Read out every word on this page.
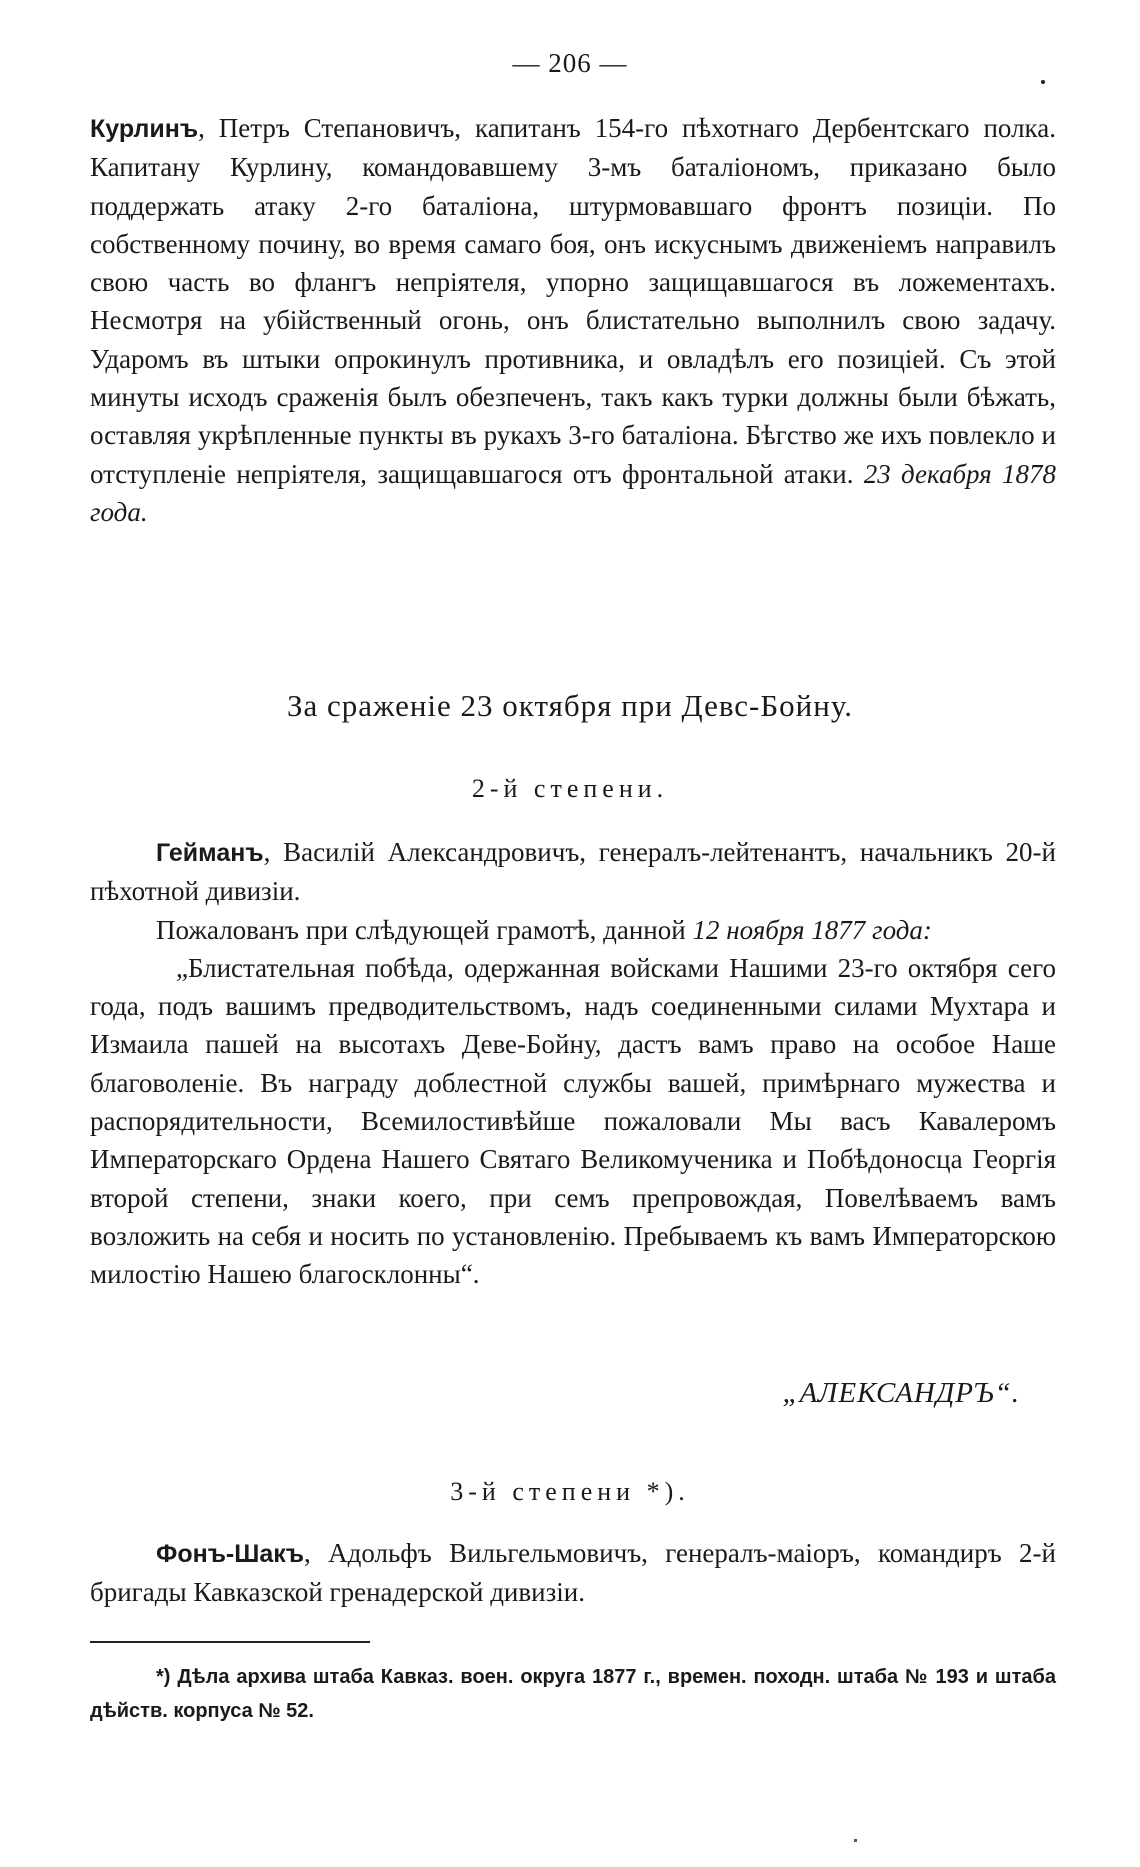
— 206 —

Курлинъ, Петръ Степановичъ, капитанъ 154-го пѣхотнаго Дербентскаго полка. Капитану Курлину, командовавшему 3-мъ баталіономъ, приказано было поддержать атаку 2-го баталіона, штурмовавшаго фронтъ позиціи. По собственному почину, во время самаго боя, онъ искуснымъ движеніемъ направилъ свою часть во флангъ непріятеля, упорно защищавшагося въ ложементахъ. Несмотря на убійственный огонь, онъ блистательно выполнилъ свою задачу. Ударомъ въ штыки опрокинулъ противника, и овладѣлъ его позиціей. Съ этой минуты исходъ сраженія былъ обезпеченъ, такъ какъ турки должны были бѣжать, оставляя укрѣпленные пункты въ рукахъ 3-го баталіона. Бѣгство же ихъ повлекло и отступленіе непріятеля, защищавшагося отъ фронтальной атаки. 23 декабря 1878 года.

За сраженіе 23 октября при Девс-Бойну.
2-й степени.

Гейманъ, Василій Александровичъ, генералъ-лейтенантъ, начальникъ 20-й пѣхотной дивизіи.

Пожалованъ при слѣдующей грамотѣ, данной 12 ноября 1877 года:

„Блистательная побѣда, одержанная войсками Нашими 23-го октября сего года, подъ вашимъ предводительствомъ, надъ соединенными силами Мухтара и Измаила пашей на высотахъ Деве-Бойну, дастъ вамъ право на особое Наше благоволеніе. Въ награду доблестной службы вашей, примѣрнаго мужества и распорядительности, Всемилостивѣйше пожаловали Мы васъ Кавалеромъ Императорскаго Ордена Нашего Святаго Великомученика и Побѣдоносца Георгія второй степени, знаки коего, при семъ препровождая, Повелѣваемъ вамъ возложить на себя и носить по установленію. Пребываемъ къ вамъ Императорскою милостію Нашею благосклонны“.

„АЛЕКСАНДРЪ“.
3-й степени *).

Фонъ-Шакъ, Адольфъ Вильгельмовичъ, генералъ-маіоръ, командиръ 2-й бригады Кавказской гренадерской дивизіи.

*) Дѣла архива штаба Кавказ. воен. округа 1877 г., времен. походн. штаба № 193 и штаба дѣйств. корпуса № 52.
